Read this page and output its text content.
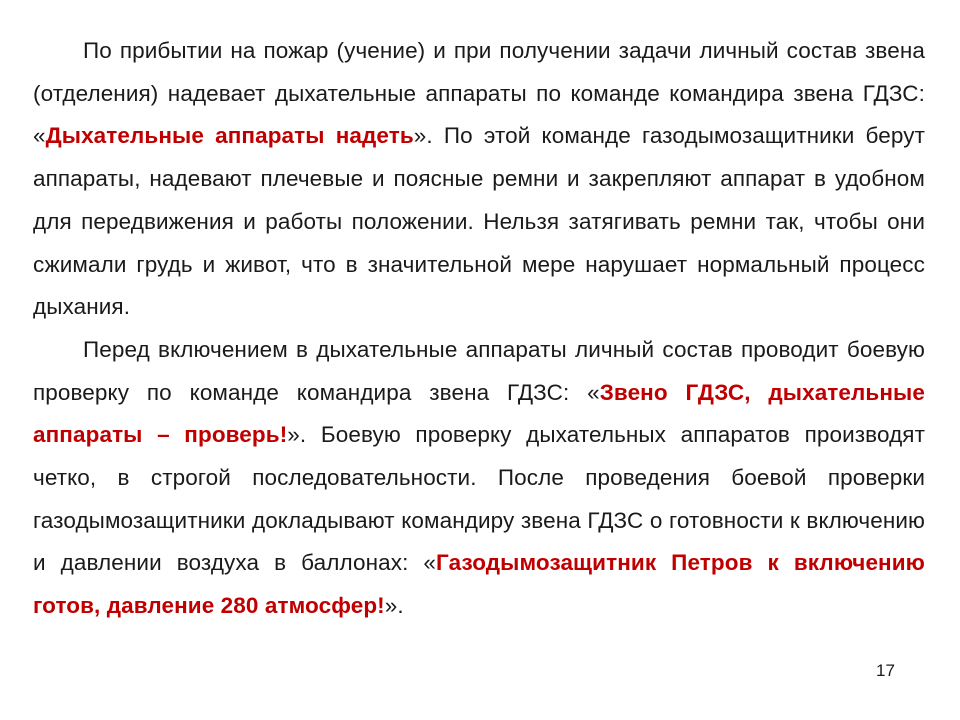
По прибытии на пожар (учение) и при получении задачи личный состав звена (отделения) надевает дыхательные аппараты по команде командира звена ГДЗС: «Дыхательные аппараты надеть». По этой команде газодымозащитники берут аппараты, надевают плечевые и поясные ремни и закрепляют аппарат в удобном для передвижения и работы положении. Нельзя затягивать ремни так, чтобы они сжимали грудь и живот, что в значительной мере нарушает нормальный процесс дыхания.

Перед включением в дыхательные аппараты личный состав проводит боевую проверку по команде командира звена ГДЗС: «Звено ГДЗС, дыхательные аппараты – проверь!». Боевую проверку дыхательных аппаратов производят четко, в строгой последовательности. После проведения боевой проверки газодымозащитники докладывают командиру звена ГДЗС о готовности к включению и давлении воздуха в баллонах: «Газодымозащитник Петров к включению готов, давление 280 атмосфер!».

17
